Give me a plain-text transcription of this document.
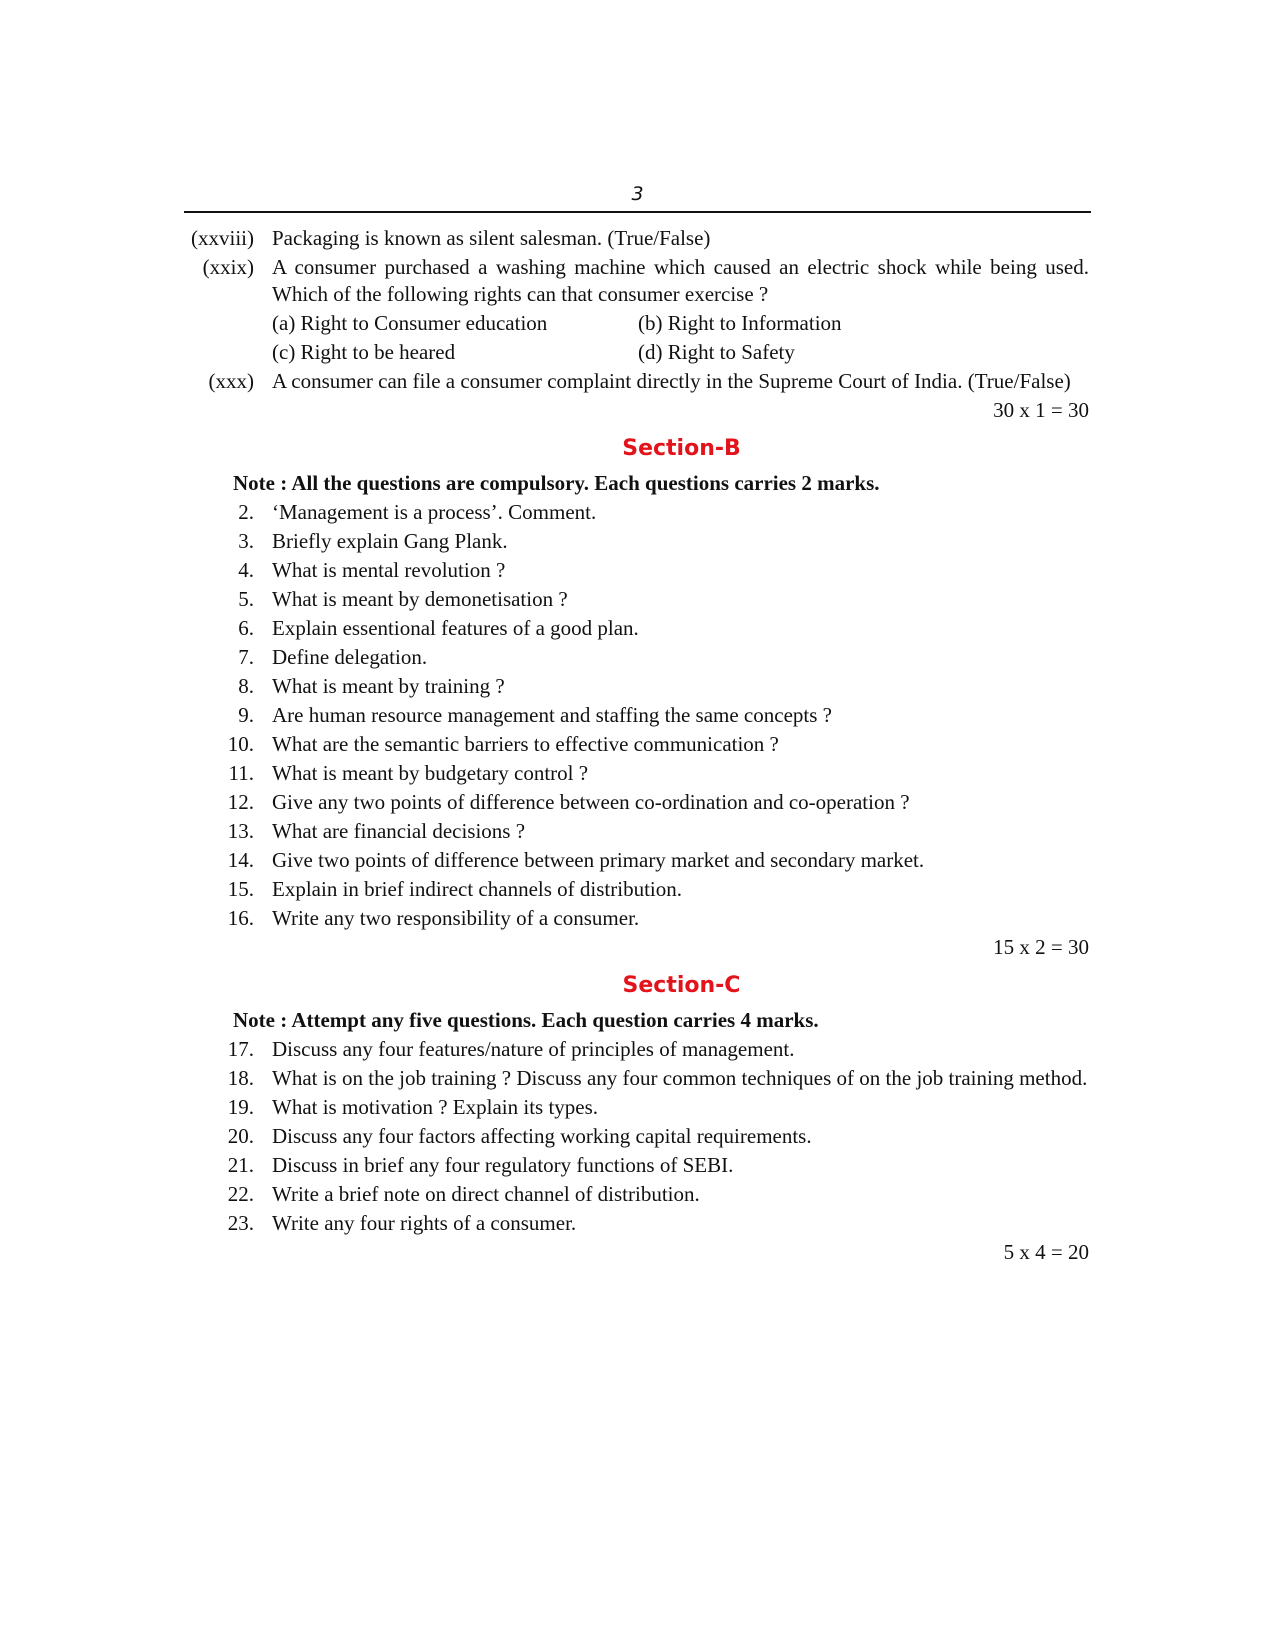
3
(xxviii) Packaging is known as silent salesman. (True/False)
(xxix) A consumer purchased a washing machine which caused an electric shock while being used. Which of the following rights can that consumer exercise ?
(a) Right to Consumer education	(b) Right to Information
(c) Right to be heared	(d) Right to Safety
(xxx) A consumer can file a consumer complaint directly in the Supreme Court of India. (True/False)
30 x 1 = 30
Section-B
Note : All the questions are compulsory. Each questions carries 2 marks.
2. ‘Management is a process’. Comment.
3. Briefly explain Gang Plank.
4. What is mental revolution ?
5. What is meant by demonetisation ?
6. Explain essentional features of a good plan.
7. Define delegation.
8. What is meant by training ?
9. Are human resource management and staffing the same concepts ?
10. What are the semantic barriers to effective communication ?
11. What is meant by budgetary control ?
12. Give any two points of difference between co-ordination and co-operation ?
13. What are financial decisions ?
14. Give two points of difference between primary market and secondary market.
15. Explain in brief indirect channels of distribution.
16. Write any two responsibility of a consumer.
15 x 2 = 30
Section-C
Note : Attempt any five questions. Each question carries 4 marks.
17. Discuss any four features/nature of principles of management.
18. What is on the job training ? Discuss any four common techniques of on the job training method.
19. What is motivation ? Explain its types.
20. Discuss any four factors affecting working capital requirements.
21. Discuss in brief any four regulatory functions of SEBI.
22. Write a brief note on direct channel of distribution.
23. Write any four rights of a consumer.
5 x 4 = 20
